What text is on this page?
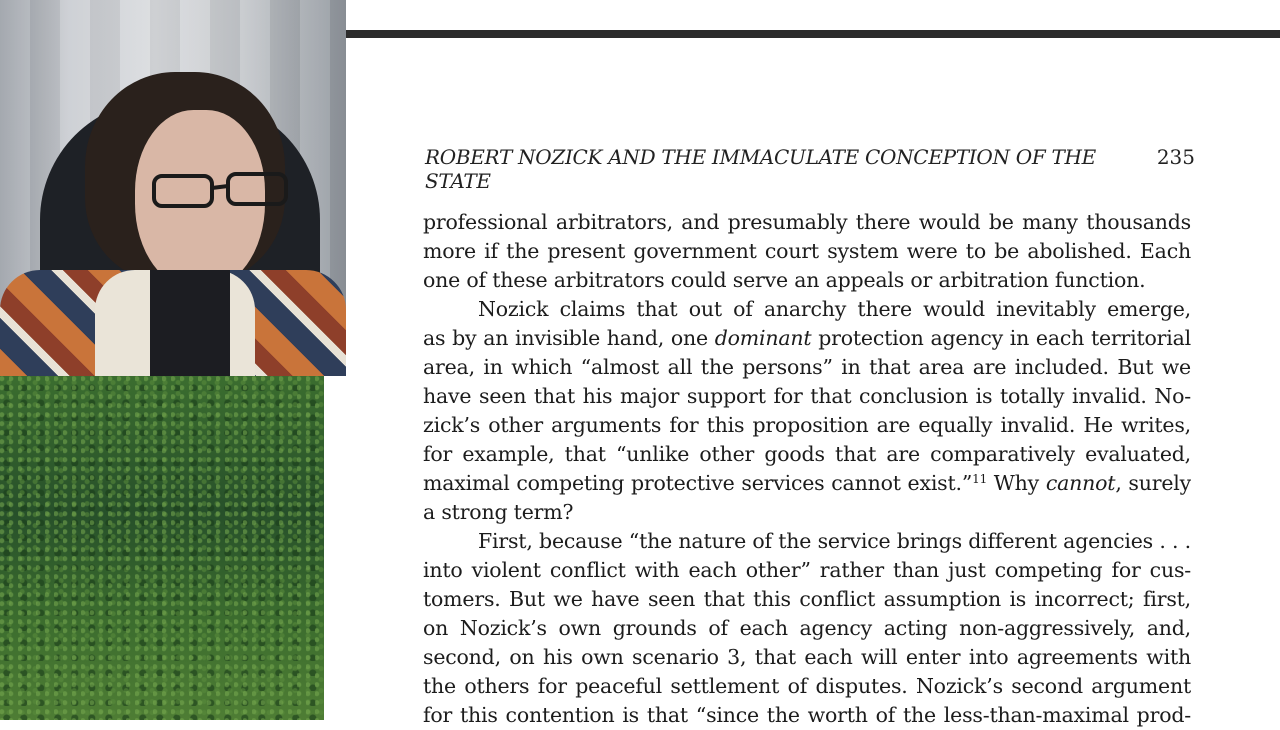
ROBERT NOZICK AND THE IMMACULATE CONCEPTION OF THE STATE
235
professional arbitrators, and presumably there would be many thousands
more if the present government court system were to be abolished. Each
one of these arbitrators could serve an appeals or arbitration function.
Nozick claims that out of anarchy there would inevitably emerge,
as by an invisible hand, one dominant protection agency in each territorial
area, in which “almost all the persons” in that area are included. But we
have seen that his major support for that conclusion is totally invalid. No-
zick’s other arguments for this proposition are equally invalid. He writes,
for example, that “unlike other goods that are comparatively evaluated,
maximal competing protective services cannot exist.”$^{11}$ Why cannot, surely
a strong term?
First, because “the nature of the service brings different agencies . . .
into violent conflict with each other” rather than just competing for cus-
tomers. But we have seen that this conflict assumption is incorrect; first,
on Nozick’s own grounds of each agency acting non-aggressively, and,
second, on his own scenario 3, that each will enter into agreements with
the others for peaceful settlement of disputes. Nozick’s second argument
for this contention is that “since the worth of the less-than-maximal prod-
